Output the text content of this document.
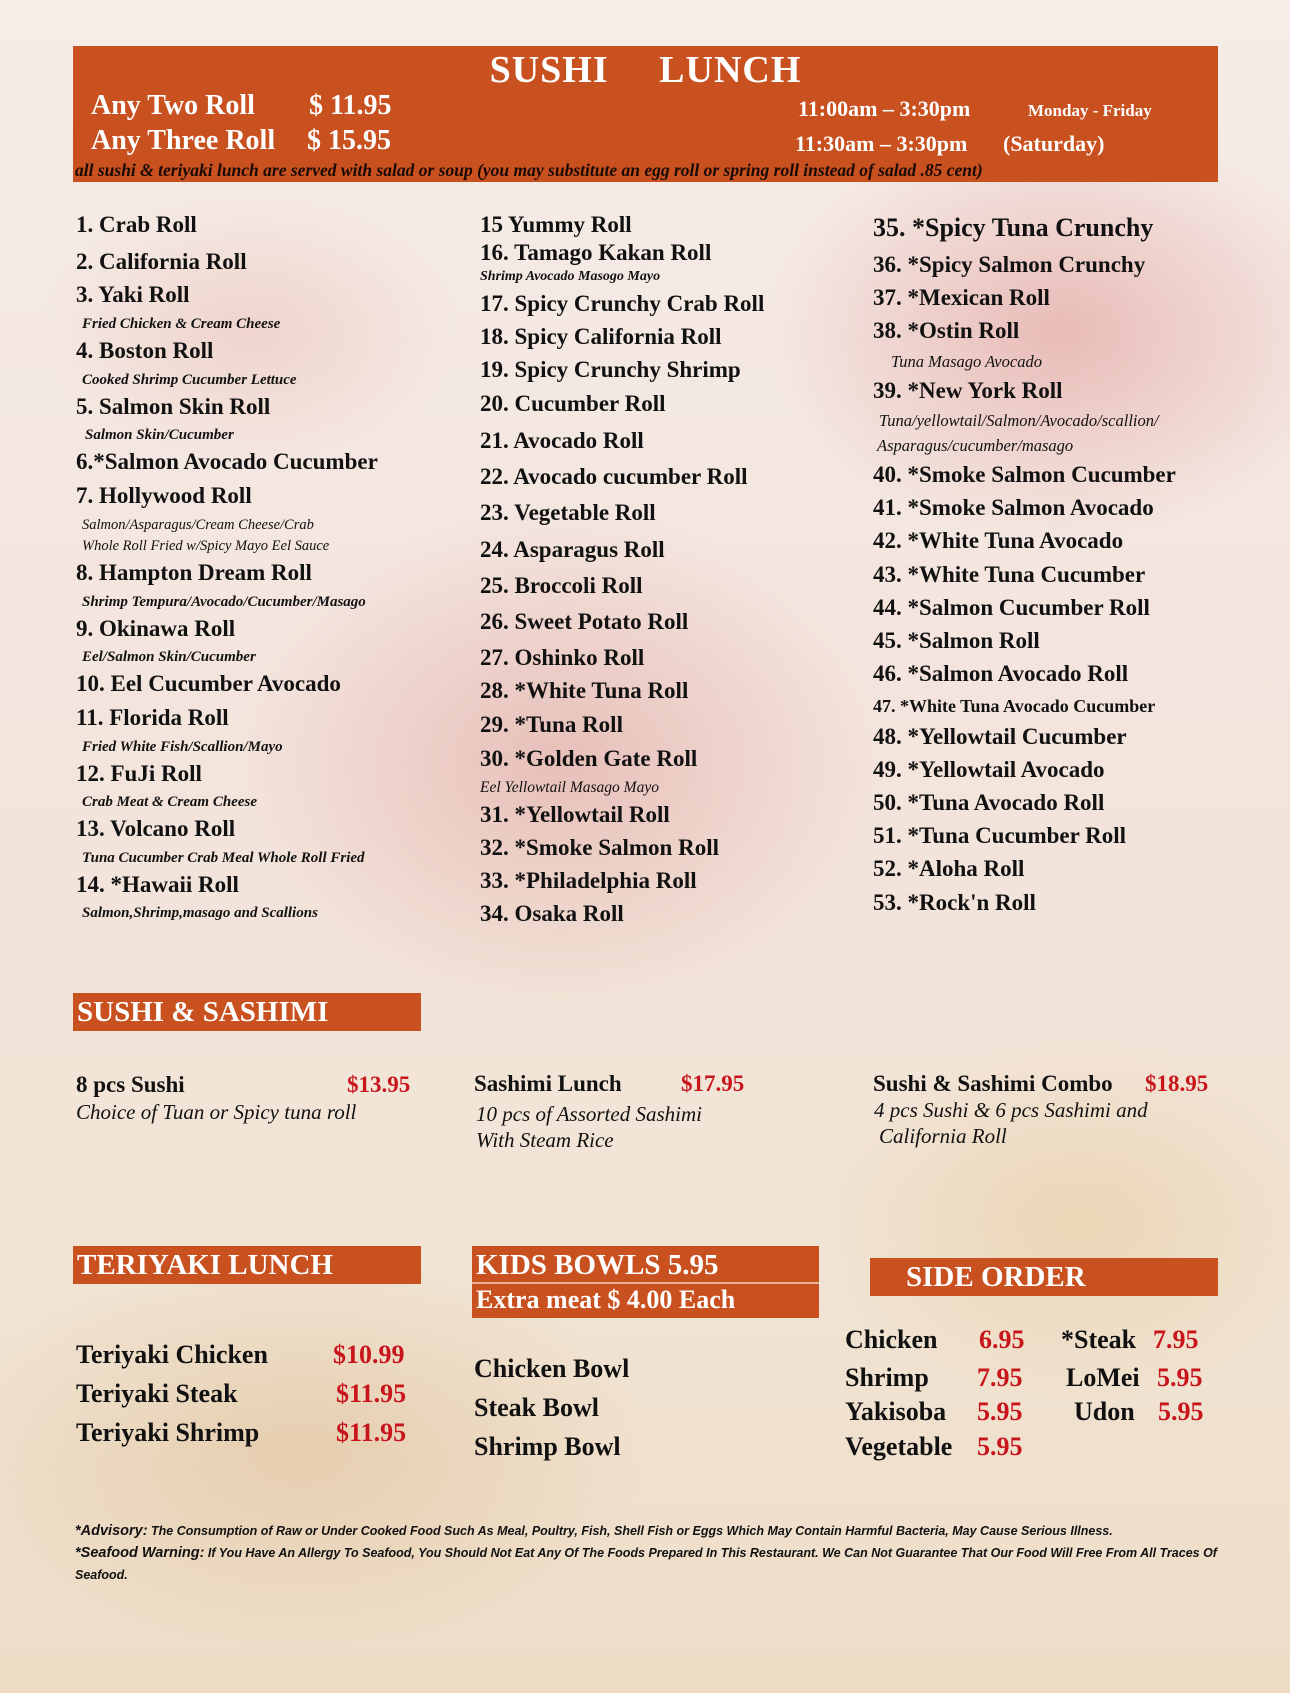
SUSHI LUNCH
Any Two Roll $ 11.95
Any Three Roll $ 15.95
11:00am – 3:30pm	Monday - Friday
11:30am – 3:30pm (Saturday)
all sushi & teriyaki lunch are served with salad or soup (you may substitute an egg roll or spring roll instead of salad .85 cent)
1. Crab Roll
2. California Roll
3. Yaki Roll
Fried Chicken & Cream Cheese
4. Boston Roll
Cooked Shrimp Cucumber Lettuce
5. Salmon Skin Roll
Salmon Skin/Cucumber
6.*Salmon Avocado Cucumber
7. Hollywood Roll
Salmon/Asparagus/Cream Cheese/Crab
Whole Roll Fried w/Spicy Mayo Eel Sauce
8. Hampton Dream Roll
Shrimp Tempura/Avocado/Cucumber/Masago
9. Okinawa Roll
Eel/Salmon Skin/Cucumber
10. Eel Cucumber Avocado
11. Florida Roll
Fried White Fish/Scallion/Mayo
12. FuJi Roll
Crab Meat & Cream Cheese
13. Volcano Roll
Tuna Cucumber Crab Meal Whole Roll Fried
14. *Hawaii Roll
Salmon,Shrimp,masago and Scallions
15 Yummy Roll
16. Tamago Kakan Roll
Shrimp Avocado Masogo Mayo
17. Spicy Crunchy Crab Roll
18. Spicy California Roll
19. Spicy Crunchy Shrimp
20. Cucumber Roll
21. Avocado Roll
22. Avocado cucumber Roll
23. Vegetable Roll
24. Asparagus Roll
25. Broccoli Roll
26. Sweet Potato Roll
27. Oshinko Roll
28. *White Tuna Roll
29. *Tuna Roll
30. *Golden Gate Roll
Eel Yellowtail Masago Mayo
31. *Yellowtail Roll
32. *Smoke Salmon Roll
33. *Philadelphia Roll
34. Osaka Roll
35. *Spicy Tuna Crunchy
36. *Spicy Salmon Crunchy
37. *Mexican Roll
38. *Ostin Roll
Tuna Masago Avocado
39. *New York Roll
Tuna/yellowtail/Salmon/Avocado/scallion/
Asparagus/cucumber/masago
40. *Smoke Salmon Cucumber
41. *Smoke Salmon Avocado
42. *White Tuna Avocado
43. *White Tuna Cucumber
44. *Salmon Cucumber Roll
45. *Salmon Roll
46. *Salmon Avocado Roll
47. *White Tuna Avocado Cucumber
48. *Yellowtail Cucumber
49. *Yellowtail Avocado
50. *Tuna Avocado Roll
51. *Tuna Cucumber Roll
52. *Aloha Roll
53. *Rock'n Roll
SUSHI & SASHIMI
8 pcs Sushi	$13.95
Choice of Tuan or Spicy tuna roll
Sashimi Lunch	$17.95
10 pcs of Assorted Sashimi
With Steam Rice
Sushi & Sashimi Combo $18.95
4 pcs Sushi & 6 pcs Sashimi and
California Roll
TERIYAKI LUNCH
Teriyaki Chicken	$10.99
Teriyaki Steak	$11.95
Teriyaki Shrimp	$11.95
KIDS BOWLS 5.95
Extra meat $ 4.00 Each
Chicken Bowl
Steak Bowl
Shrimp Bowl
SIDE ORDER
Chicken 6.95 *Steak 7.95
Shrimp 7.95 LoMei 5.95
Yakisoba 5.95 Udon 5.95
Vegetable 5.95
*Advisory: The Consumption of Raw or Under Cooked Food Such As Meal, Poultry, Fish, Shell Fish or Eggs Which May Contain Harmful Bacteria, May Cause Serious Illness.
*Seafood Warning: If You Have An Allergy To Seafood, You Should Not Eat Any Of The Foods Prepared In This Restaurant. We Can Not Guarantee That Our Food Will Free From All Traces Of Seafood.
